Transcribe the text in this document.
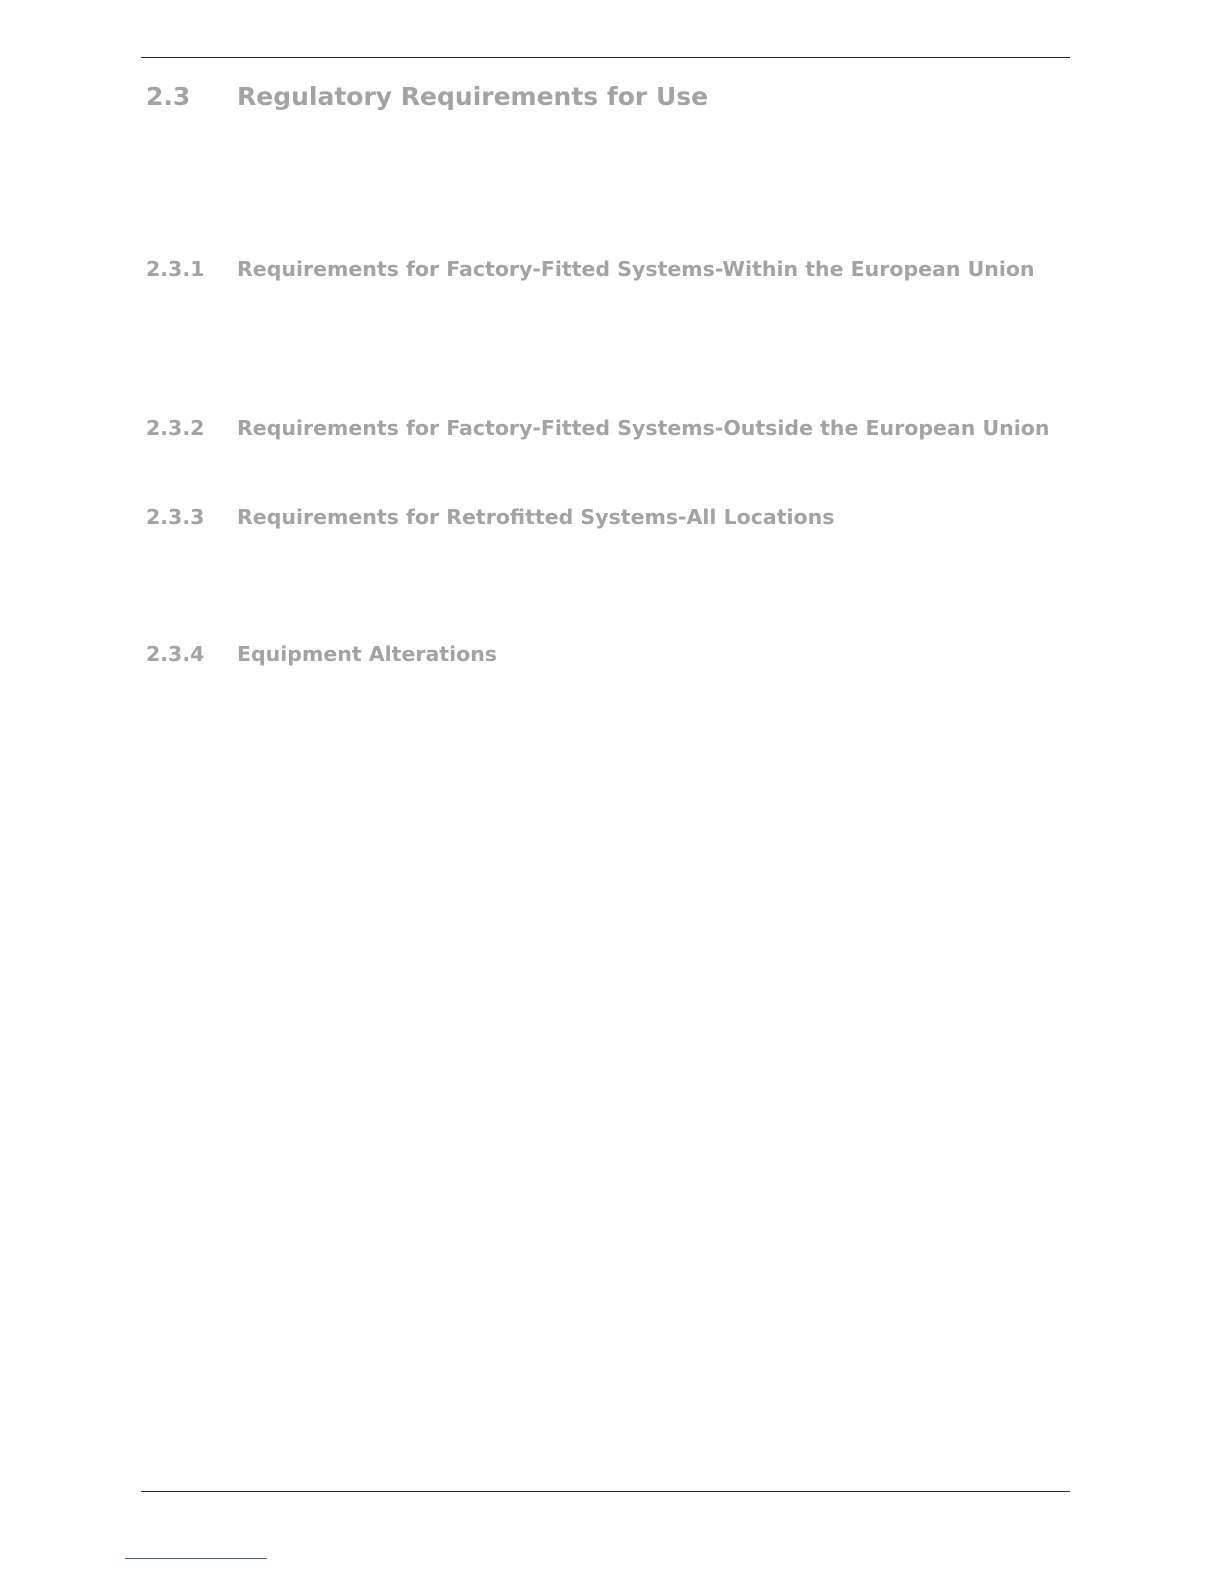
2.3 Regulatory Requirements for Use
2.3.1 Requirements for Factory-Fitted Systems-Within the European Union
2.3.2 Requirements for Factory-Fitted Systems-Outside the European Union
2.3.3 Requirements for Retrofitted Systems-All Locations
2.3.4 Equipment Alterations
